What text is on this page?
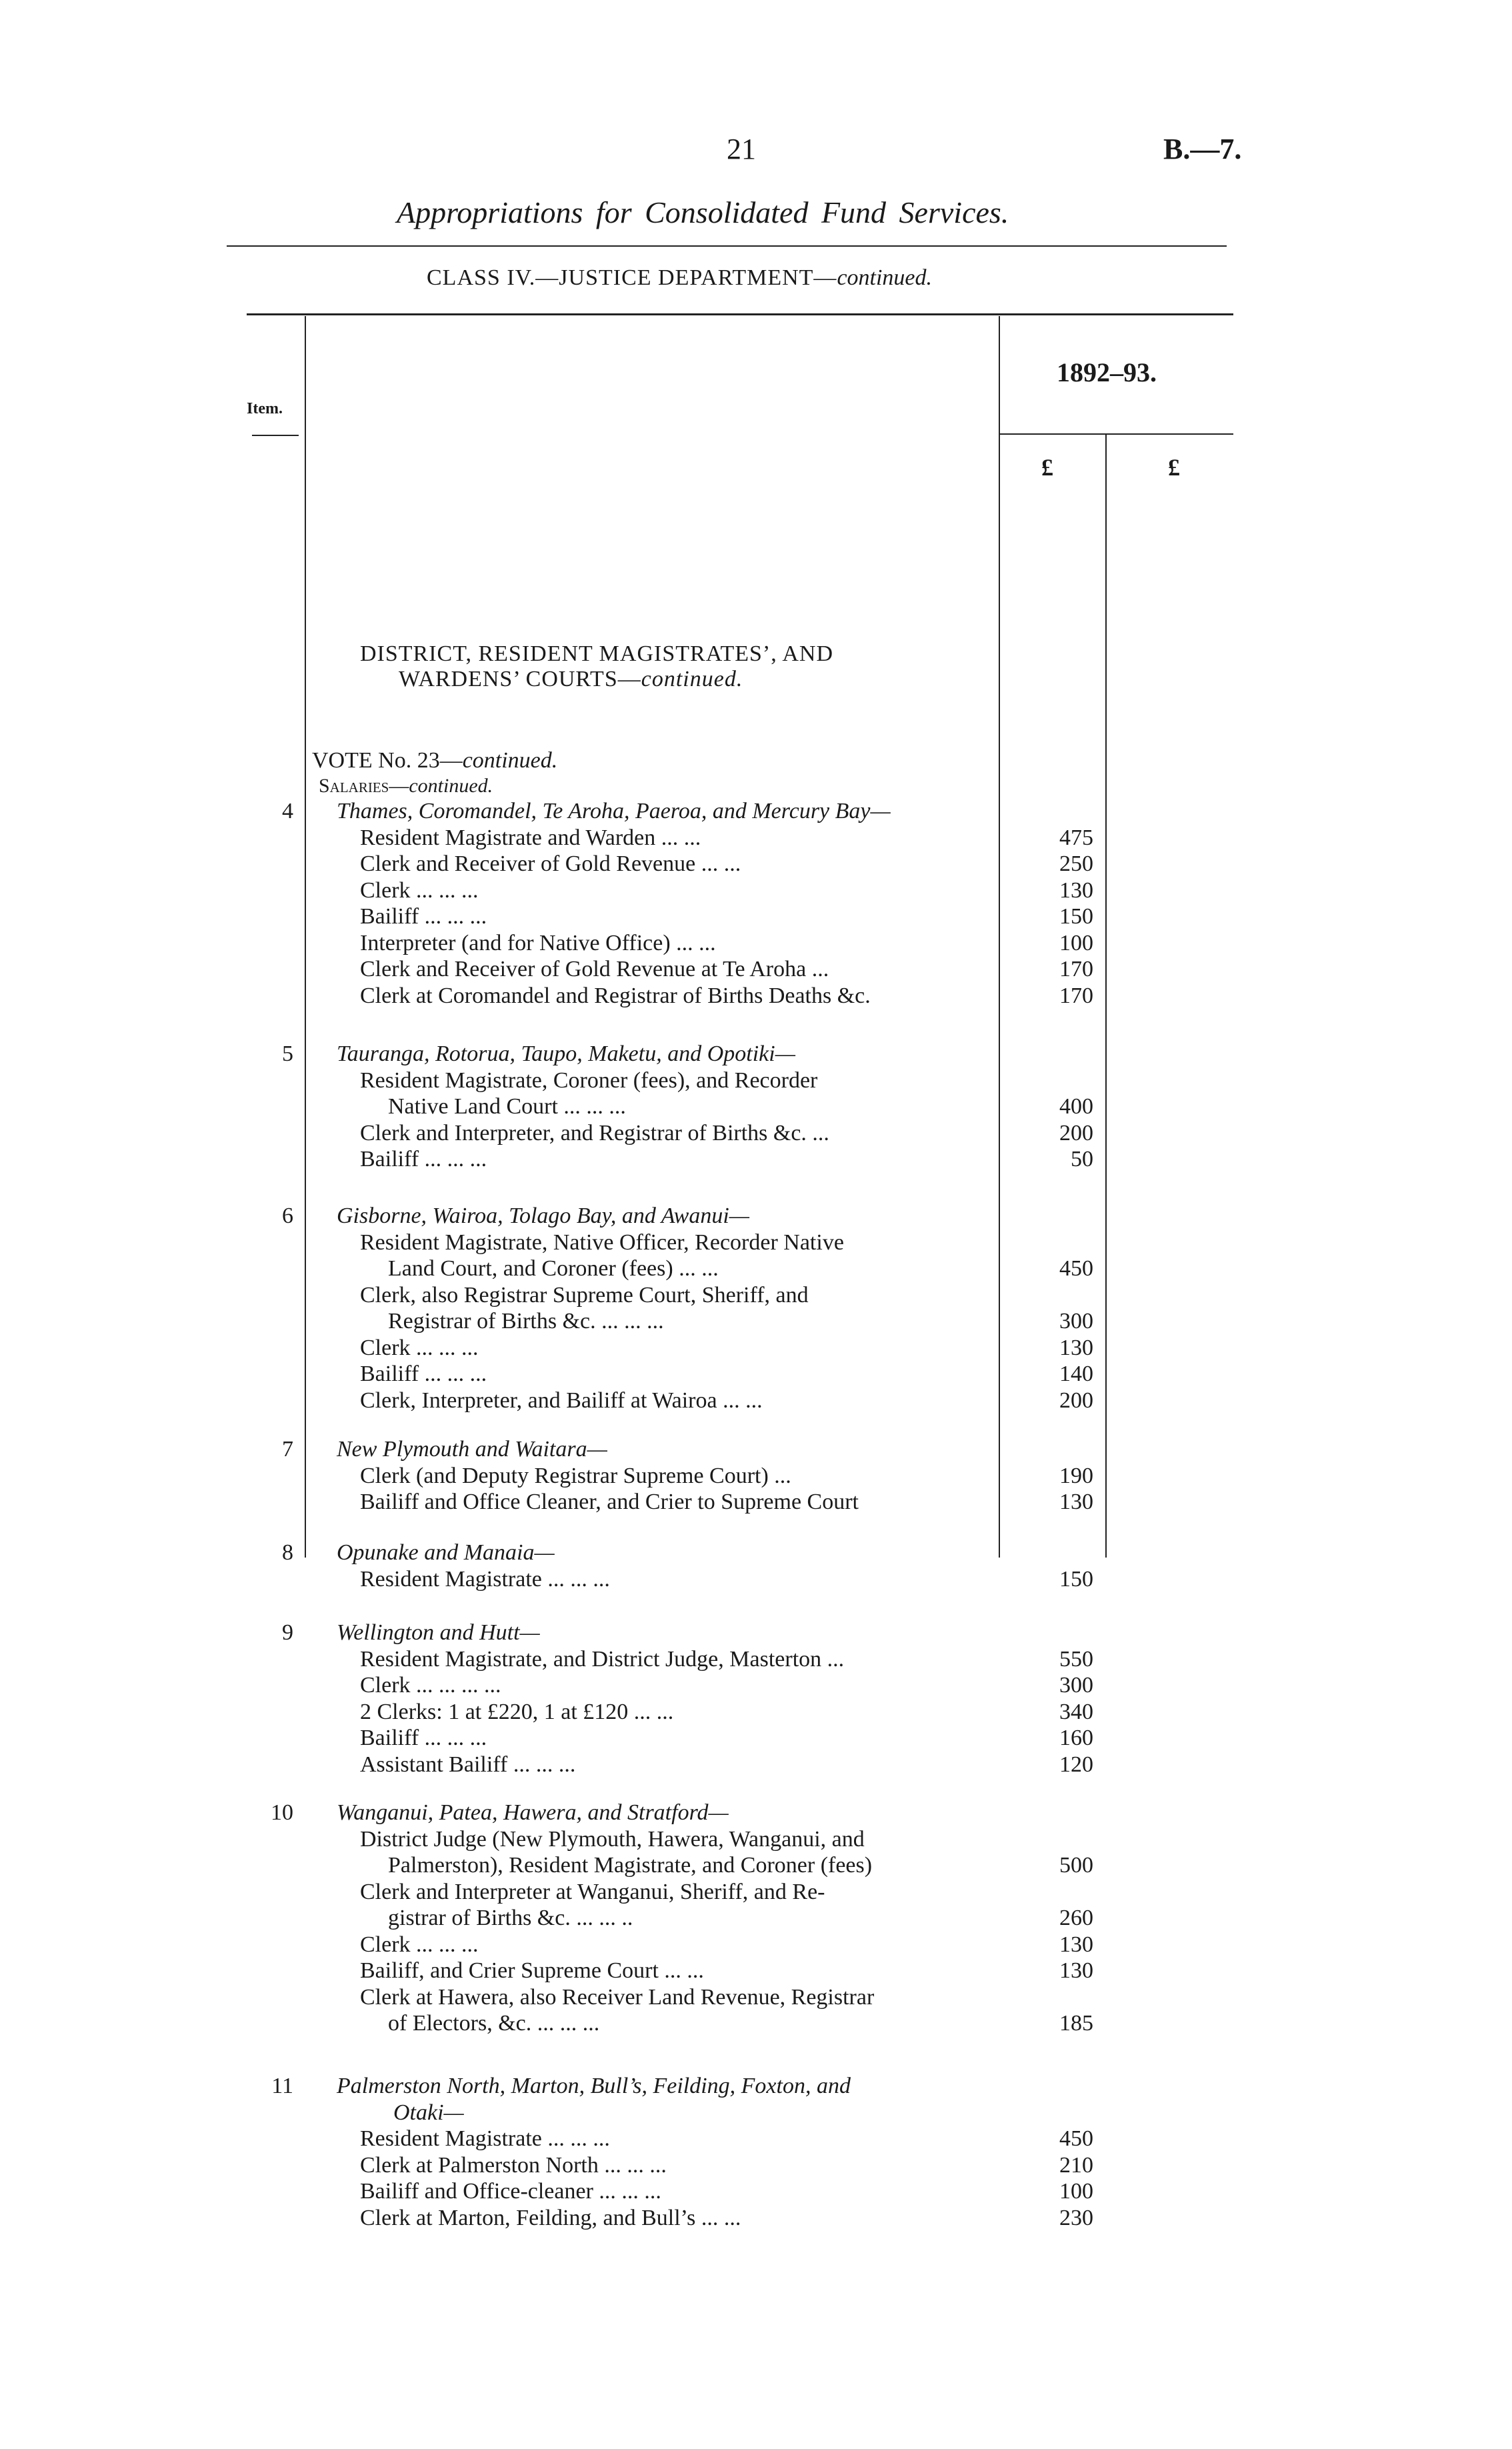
21	B.—7.
Appropriations for Consolidated Fund Services.
CLASS IV.—JUSTICE DEPARTMENT—continued.
Item.
1892–93.
£	£
DISTRICT, RESIDENT MAGISTRATES’, AND
WARDENS’ COURTS—continued.
VOTE No. 23—continued.
Salaries—continued.
4 Thames, Coromandel, Te Aroha, Paeroa, and Mercury Bay—
Resident Magistrate and Warden ... ...	475
Clerk and Receiver of Gold Revenue ... ...	250
Clerk ... ... ...	130
Bailiff ... ... ...	150
Interpreter (and for Native Office) ... ...	100
Clerk and Receiver of Gold Revenue at Te Aroha ...	170
Clerk at Coromandel and Registrar of Births Deaths &c.	170
5 Tauranga, Rotorua, Taupo, Maketu, and Opotiki—
Resident Magistrate, Coroner (fees), and Recorder
Native Land Court ... ... ...	400
Clerk and Interpreter, and Registrar of Births &c. ...	200
Bailiff ... ... ...	50
6 Gisborne, Wairoa, Tolago Bay, and Awanui—
Resident Magistrate, Native Officer, Recorder Native
Land Court, and Coroner (fees) ... ...	450
Clerk, also Registrar Supreme Court, Sheriff, and
Registrar of Births &c. ... ... ...	300
Clerk ... ... ...	130
Bailiff ... ... ...	140
Clerk, Interpreter, and Bailiff at Wairoa ... ...	200
7 New Plymouth and Waitara—
Clerk (and Deputy Registrar Supreme Court) ...	190
Bailiff and Office Cleaner, and Crier to Supreme Court	130
8 Opunake and Manaia—
Resident Magistrate ... ... ...	150
9 Wellington and Hutt—
Resident Magistrate, and District Judge, Masterton ...	550
Clerk ... ... ... ...	300
2 Clerks: 1 at £220, 1 at £120 ... ...	340
Bailiff ... ... ...	160
Assistant Bailiff ... ... ...	120
10 Wanganui, Patea, Hawera, and Stratford—
District Judge (New Plymouth, Hawera, Wanganui, and
Palmerston), Resident Magistrate, and Coroner (fees)	500
Clerk and Interpreter at Wanganui, Sheriff, and Re-
gistrar of Births &c. ... ... ..	260
Clerk ... ... ...	130
Bailiff, and Crier Supreme Court ... ...	130
Clerk at Hawera, also Receiver Land Revenue, Registrar
of Electors, &c. ... ... ...	185
11 Palmerston North, Marton, Bull’s, Feilding, Foxton, and
Otaki—
Resident Magistrate ... ... ...	450
Clerk at Palmerston North ... ... ...	210
Bailiff and Office-cleaner ... ... ...	100
Clerk at Marton, Feilding, and Bull’s ... ...	230
